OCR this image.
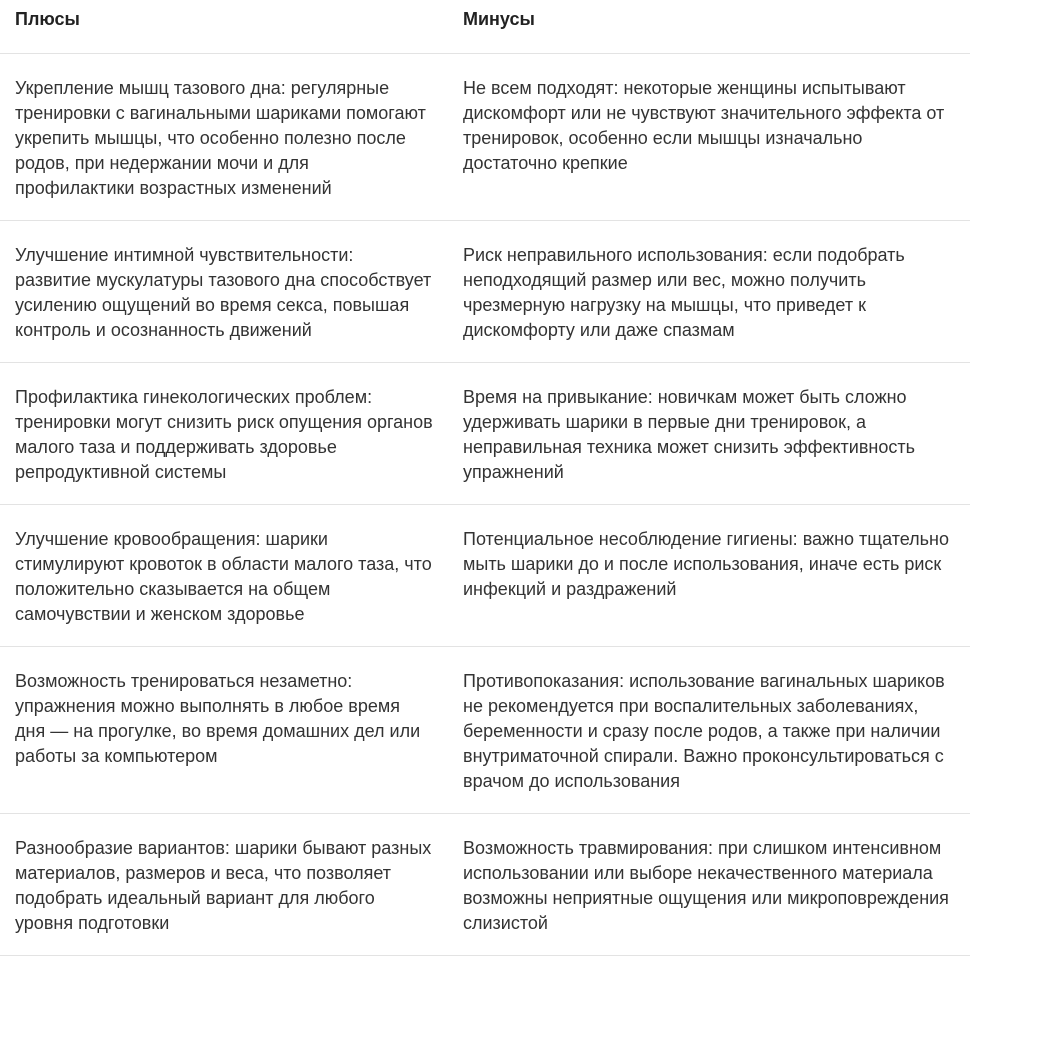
Плюсы	Минусы
Укрепление мышц тазового дна: регулярные тренировки с вагинальными шариками помогают укрепить мышцы, что особенно полезно после родов, при недержании мочи и для профилактики возрастных изменений	Не всем подходят: некоторые женщины испытывают дискомфорт или не чувствуют значительного эффекта от тренировок, особенно если мышцы изначально достаточно крепкие
Улучшение интимной чувствительности: развитие мускулатуры тазового дна способствует усилению ощущений во время секса, повышая контроль и осознанность движений	Риск неправильного использования: если подобрать неподходящий размер или вес, можно получить чрезмерную нагрузку на мышцы, что приведет к дискомфорту или даже спазмам
Профилактика гинекологических проблем: тренировки могут снизить риск опущения органов малого таза и поддерживать здоровье репродуктивной системы	Время на привыкание: новичкам может быть сложно удерживать шарики в первые дни тренировок, а неправильная техника может снизить эффективность упражнений
Улучшение кровообращения: шарики стимулируют кровоток в области малого таза, что положительно сказывается на общем самочувствии и женском здоровье	Потенциальное несоблюдение гигиены: важно тщательно мыть шарики до и после использования, иначе есть риск инфекций и раздражений
Возможность тренироваться незаметно: упражнения можно выполнять в любое время дня — на прогулке, во время домашних дел или работы за компьютером	Противопоказания: использование вагинальных шариков не рекомендуется при воспалительных заболеваниях, беременности и сразу после родов, а также при наличии внутриматочной спирали. Важно проконсультироваться с врачом до использования
Разнообразие вариантов: шарики бывают разных материалов, размеров и веса, что позволяет подобрать идеальный вариант для любого уровня подготовки	Возможность травмирования: при слишком интенсивном использовании или выборе некачественного материала возможны неприятные ощущения или микроповреждения слизистой
